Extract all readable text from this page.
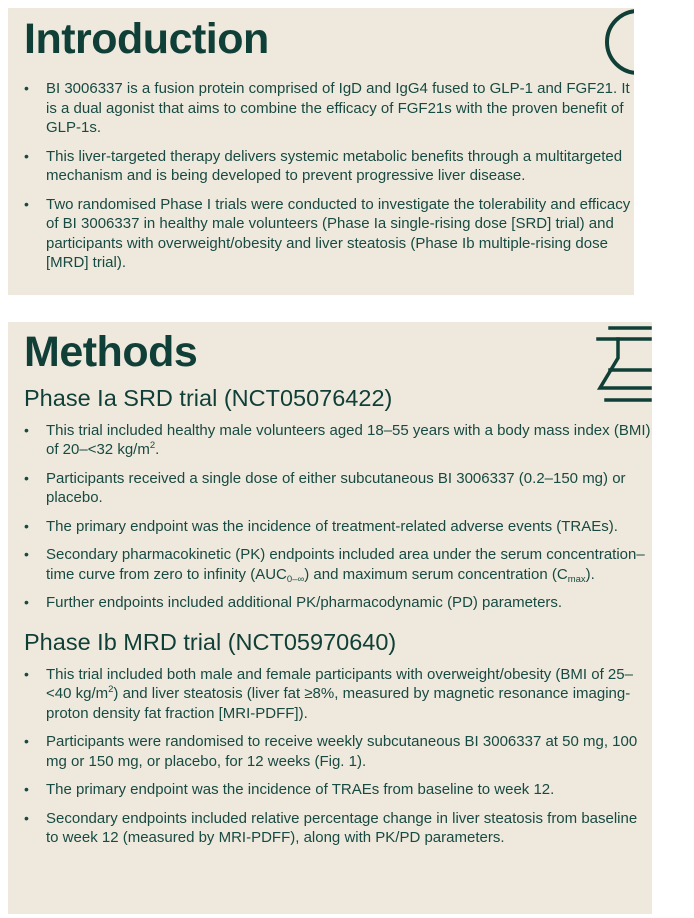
Introduction
• BI 3006337 is a fusion protein comprised of IgD and IgG4 fused to GLP-1 and FGF21. It is a dual agonist that aims to combine the efficacy of FGF21s with the proven benefit of GLP-1s.
• This liver-targeted therapy delivers systemic metabolic benefits through a multitargeted mechanism and is being developed to prevent progressive liver disease.
• Two randomised Phase I trials were conducted to investigate the tolerability and efficacy of BI 3006337 in healthy male volunteers (Phase Ia single-rising dose [SRD] trial) and participants with overweight/obesity and liver steatosis (Phase Ib multiple-rising dose [MRD] trial).
Methods
Phase Ia SRD trial (NCT05076422)
• This trial included healthy male volunteers aged 18–55 years with a body mass index (BMI) of 20–<32 $kg/m^2$.
• Participants received a single dose of either subcutaneous BI 3006337 (0.2–150 mg) or placebo.
• The primary endpoint was the incidence of treatment-related adverse events (TRAEs).
• Secondary pharmacokinetic (PK) endpoints included area under the serum concentration–time curve from zero to infinity $(AUC_{0-\infty})$ and maximum serum concentration $(C_{max})$.
• Further endpoints included additional PK/pharmacodynamic (PD) parameters.
Phase Ib MRD trial (NCT05970640)
• This trial included both male and female participants with overweight/obesity (BMI of 25–<40 $kg/m^2$) and liver steatosis (liver fat ≥8%, measured by magnetic resonance imaging-proton density fat fraction [MRI-PDFF]).
• Participants were randomised to receive weekly subcutaneous BI 3006337 at 50 mg, 100 mg or 150 mg, or placebo, for 12 weeks (Fig. 1).
• The primary endpoint was the incidence of TRAEs from baseline to week 12.
• Secondary endpoints included relative percentage change in liver steatosis from baseline to week 12 (measured by MRI-PDFF), along with PK/PD parameters.
